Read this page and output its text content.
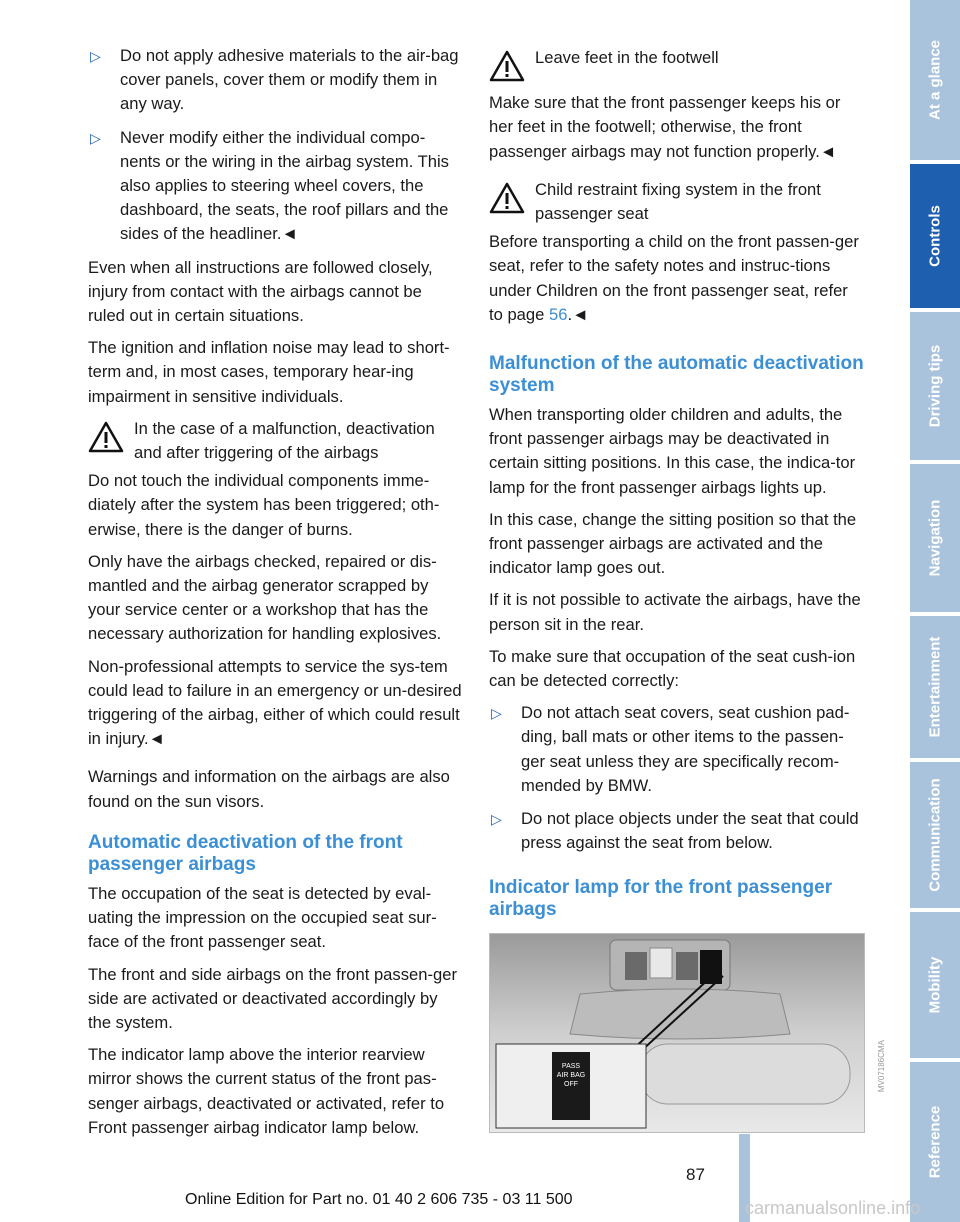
▷	Do not apply adhesive materials to the air-bag cover panels, cover them or modify them in any way.
▷	Never modify either the individual compo-nents or the wiring in the airbag system. This also applies to steering wheel covers, the dashboard, the seats, the roof pillars and the sides of the headliner.◄

Even when all instructions are followed closely, injury from contact with the airbags cannot be ruled out in certain situations.

The ignition and inflation noise may lead to short-term and, in most cases, temporary hear-ing impairment in sensitive individuals.

In the case of a malfunction, deactivation and after triggering of the airbags

Do not touch the individual components imme-diately after the system has been triggered; oth-erwise, there is the danger of burns.

Only have the airbags checked, repaired or dis-mantled and the airbag generator scrapped by your service center or a workshop that has the necessary authorization for handling explosives.

Non-professional attempts to service the sys-tem could lead to failure in an emergency or un-desired triggering of the airbag, either of which could result in injury.◄

Warnings and information on the airbags are also found on the sun visors.

Automatic deactivation of the front passenger airbags

The occupation of the seat is detected by eval-uating the impression on the occupied seat sur-face of the front passenger seat.

The front and side airbags on the front passen-ger side are activated or deactivated accordingly by the system.

The indicator lamp above the interior rearview mirror shows the current status of the front pas-senger airbags, deactivated or activated, refer to Front passenger airbag indicator lamp below.

Leave feet in the footwell

Make sure that the front passenger keeps his or her feet in the footwell; otherwise, the front passenger airbags may not function properly.◄

Child restraint fixing system in the front passenger seat

Before transporting a child on the front passen-ger seat, refer to the safety notes and instruc-tions under Children on the front passenger seat, refer to page 56.◄

Malfunction of the automatic deactivation system

When transporting older children and adults, the front passenger airbags may be deactivated in certain sitting positions. In this case, the indica-tor lamp for the front passenger airbags lights up.

In this case, change the sitting position so that the front passenger airbags are activated and the indicator lamp goes out.

If it is not possible to activate the airbags, have the person sit in the rear.

To make sure that occupation of the seat cush-ion can be detected correctly:

▷	Do not attach seat covers, seat cushion pad-ding, ball mats or other items to the passen-ger seat unless they are specifically recom-mended by BMW.
▷	Do not place objects under the seat that could press against the seat from below.
Indicator lamp for the front passenger airbags
PASS
AIR BAG
OFF	MV07186CMA
At a glance
Controls
Driving tips
Navigation
Entertainment
Communication
Mobility
Reference
87
Online Edition for Part no. 01 40 2 606 735 - 03 11 500	carmanualsonline.info
